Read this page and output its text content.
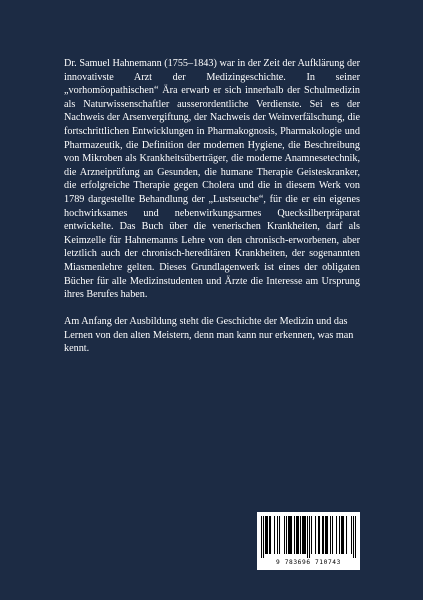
Dr. Samuel Hahnemann (1755–1843) war in der Zeit der Aufklärung der innovativste Arzt der Medizingeschichte. In seiner „vorhomöopathischen“ Ära erwarb er sich innerhalb der Schulmedizin als Naturwissenschaftler ausserordentliche Verdienste. Sei es der Nachweis der Arsenvergiftung, der Nachweis der Weinverfälschung, die fortschrittlichen Entwicklungen in Pharmakognosis, Pharmakologie und Pharmazeutik, die Definition der modernen Hygiene, die Beschreibung von Mikroben als Krankheitsüberträger, die moderne Anamnesetechnik, die Arzneiprüfung an Gesunden, die humane Therapie Geisteskranker, die erfolgreiche Therapie gegen Cholera und die in diesem Werk von 1789 dargestellte Behandlung der „Lustseuche“, für die er ein eigenes hochwirksames und nebenwirkungsarmes Quecksilberpräparat entwickelte. Das Buch über die venerischen Krankheiten, darf als Keimzelle für Hahnemanns Lehre von den chronisch-erworbenen, aber letztlich auch der chronisch-hereditären Krankheiten, der sogenannten Miasmenlehre gelten. Dieses Grundlagenwerk ist eines der obligaten Bücher für alle Medizinstudenten und Ärzte die Interesse am Ursprung ihres Berufes haben.

Am Anfang der Ausbildung steht die Geschichte der Medizin und das Lernen von den alten Meistern, denn man kann nur erkennen, was man kennt.

9 783696 710743
